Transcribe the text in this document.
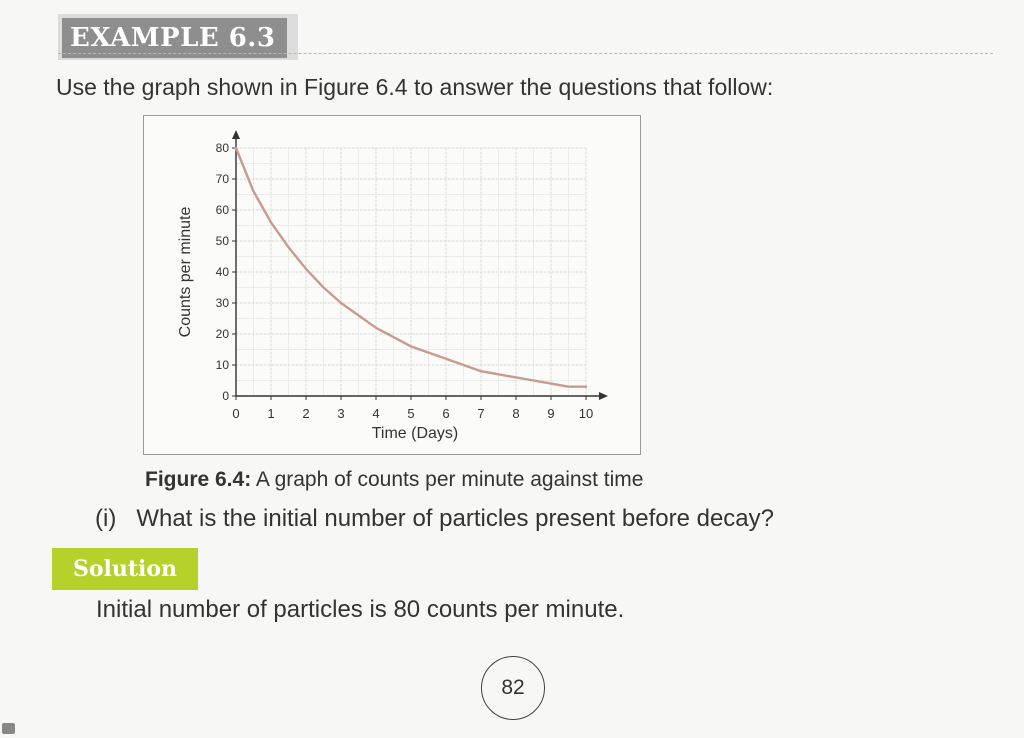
EXAMPLE 6.3
Use the graph shown in Figure 6.4 to answer the questions that follow:
0 1 2 3 4 5 6 7 8 9 10
0
10
20
30
40
50
60
70
80
Time (Days)
Counts per minute
Figure 6.4: A graph of counts per minute against time
(i) What is the initial number of particles present before decay?
Solution
Initial number of particles is 80 counts per minute.
82
